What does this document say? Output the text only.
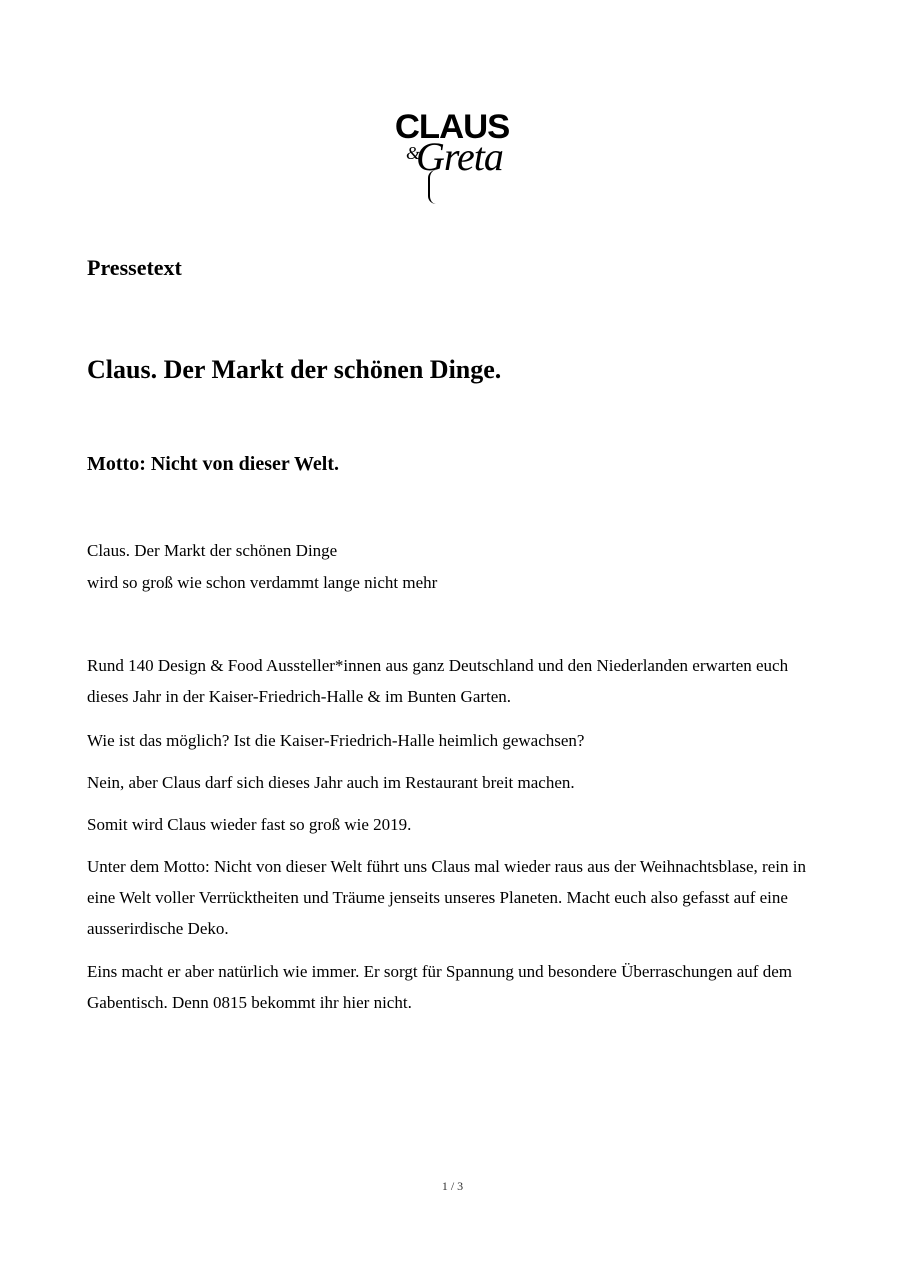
CLAUS
&
Greta
Pressetext
Claus. Der Markt der schönen Dinge.
Motto: Nicht von dieser Welt.
Claus. Der Markt der schönen Dinge
wird so groß wie schon verdammt lange nicht mehr
Rund 140 Design & Food Aussteller*innen aus ganz Deutschland und den Niederlanden erwarten euch dieses Jahr in der Kaiser-Friedrich-Halle & im Bunten Garten.
Wie ist das möglich? Ist die Kaiser-Friedrich-Halle heimlich gewachsen?
Nein, aber Claus darf sich dieses Jahr auch im Restaurant breit machen.
Somit wird Claus wieder fast so groß wie 2019.
Unter dem Motto: Nicht von dieser Welt führt uns Claus mal wieder raus aus der Weihnachtsblase, rein in eine Welt voller Verrücktheiten und Träume jenseits unseres Planeten. Macht euch also gefasst auf eine ausserirdische Deko.
Eins macht er aber natürlich wie immer. Er sorgt für Spannung und besondere Überraschungen auf dem Gabentisch. Denn 0815 bekommt ihr hier nicht.
1 / 3
